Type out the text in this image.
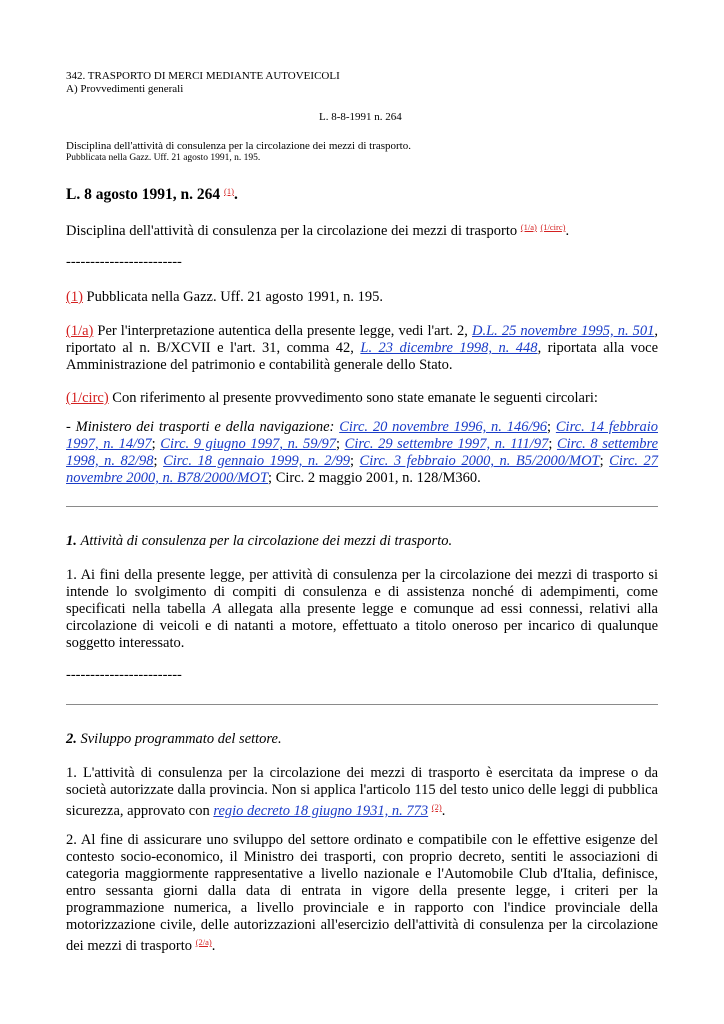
342. TRASPORTO DI MERCI MEDIANTE AUTOVEICOLI
A) Provvedimenti generali
L. 8-8-1991 n. 264
Disciplina dell'attività di consulenza per la circolazione dei mezzi di trasporto.
Pubblicata nella Gazz. Uff. 21 agosto 1991, n. 195.
L. 8 agosto 1991, n. 264 $^{(1)}$.
Disciplina dell'attività di consulenza per la circolazione dei mezzi di trasporto $^{(1/a)}$ $^{(1/circ)}$.
------------------------
(1) Pubblicata nella Gazz. Uff. 21 agosto 1991, n. 195.
(1/a) Per l'interpretazione autentica della presente legge, vedi l'art. 2, D.L. 25 novembre 1995, n. 501, riportato al n. B/XCVII e l'art. 31, comma 42, L. 23 dicembre 1998, n. 448, riportata alla voce Amministrazione del patrimonio e contabilità generale dello Stato.
(1/circ) Con riferimento al presente provvedimento sono state emanate le seguenti circolari:
- Ministero dei trasporti e della navigazione: Circ. 20 novembre 1996, n. 146/96; Circ. 14 febbraio 1997, n. 14/97; Circ. 9 giugno 1997, n. 59/97; Circ. 29 settembre 1997, n. 111/97; Circ. 8 settembre 1998, n. 82/98; Circ. 18 gennaio 1999, n. 2/99; Circ. 3 febbraio 2000, n. B5/2000/MOT; Circ. 27 novembre 2000, n. B78/2000/MOT; Circ. 2 maggio 2001, n. 128/M360.
1. Attività di consulenza per la circolazione dei mezzi di trasporto.
1. Ai fini della presente legge, per attività di consulenza per la circolazione dei mezzi di trasporto si intende lo svolgimento di compiti di consulenza e di assistenza nonché di adempimenti, come specificati nella tabella A allegata alla presente legge e comunque ad essi connessi, relativi alla circolazione di veicoli e di natanti a motore, effettuato a titolo oneroso per incarico di qualunque soggetto interessato.
------------------------
2. Sviluppo programmato del settore.
1. L'attività di consulenza per la circolazione dei mezzi di trasporto è esercitata da imprese o da società autorizzate dalla provincia. Non si applica l'articolo 115 del testo unico delle leggi di pubblica sicurezza, approvato con regio decreto 18 giugno 1931, n. 773 $^{(2)}$.
2. Al fine di assicurare uno sviluppo del settore ordinato e compatibile con le effettive esigenze del contesto socio-economico, il Ministro dei trasporti, con proprio decreto, sentiti le associazioni di categoria maggiormente rappresentative a livello nazionale e l'Automobile Club d'Italia, definisce, entro sessanta giorni dalla data di entrata in vigore della presente legge, i criteri per la programmazione numerica, a livello provinciale e in rapporto con l'indice provinciale della motorizzazione civile, delle autorizzazioni all'esercizio dell'attività di consulenza per la circolazione dei mezzi di trasporto $^{(2/a)}$.
